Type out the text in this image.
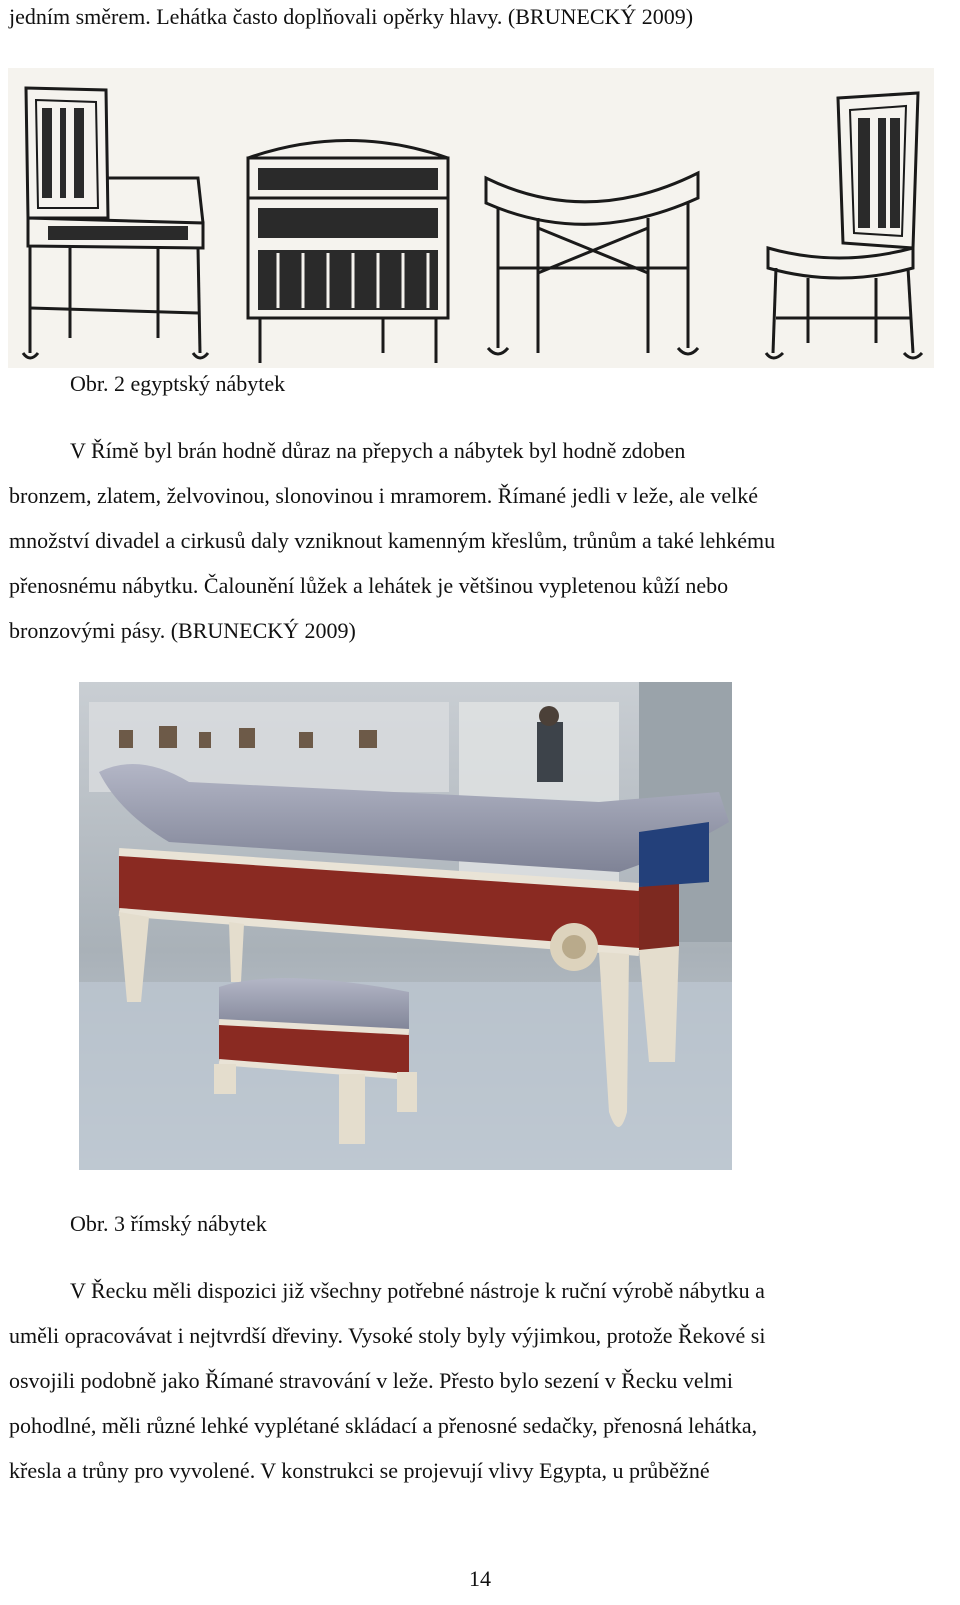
jedním směrem. Lehátka často doplňovali opěrky hlavy. (BRUNECKÝ 2009)
Obr. 2 egyptský nábytek
V Římě byl brán hodně důraz na přepych a nábytek byl hodně zdoben
bronzem, zlatem, želvovinou, slonovinou i mramorem. Římané jedli v leže, ale velké
množství divadel a cirkusů daly vzniknout kamenným křeslům, trůnům a také lehkému
přenosnému nábytku. Čalounění lůžek a lehátek je většinou vypletenou kůží nebo
bronzovými pásy. (BRUNECKÝ 2009)
Obr. 3 římský nábytek
V Řecku měli dispozici již všechny potřebné nástroje k ruční výrobě nábytku a
uměli opracovávat i nejtvrdší dřeviny. Vysoké stoly byly výjimkou, protože Řekové si
osvojili podobně jako Římané stravování v leže. Přesto bylo sezení v Řecku velmi
pohodlné, měli různé lehké vyplétané skládací a přenosné sedačky, přenosná lehátka,
křesla a trůny pro vyvolené. V konstrukci se projevují vlivy Egypta, u průběžné
14
